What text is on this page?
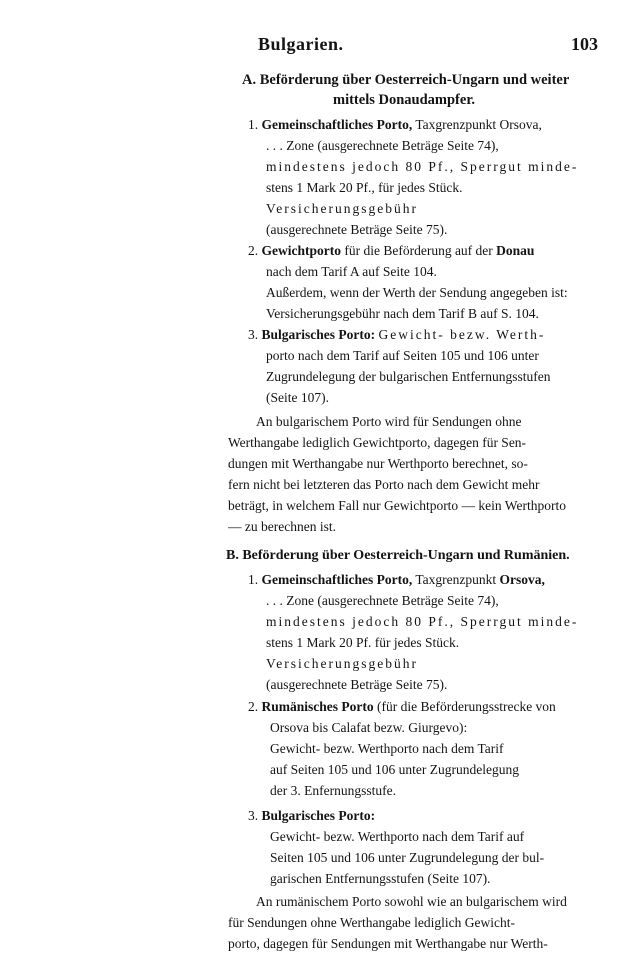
Bulgarien.	103
A. Beförderung über Oesterreich-Ungarn und weiter
mittels Donaudampfer.
1. Gemeinschaftliches Porto, Taxgrenzpunkt Orsova,
. . . Zone (ausgerechnete Beträge Seite 74),
mindestens jedoch 80 Pf., Sperrgut minde-
stens 1 Mark 20 Pf., für jedes Stück.
Versicherungsgebühr
(ausgerechnete Beträge Seite 75).
2. Gewichtporto für die Beförderung auf der Donau
nach dem Tarif A auf Seite 104.
Außerdem, wenn der Werth der Sendung angegeben ist:
Versicherungsgebühr nach dem Tarif B auf S. 104.
3. Bulgarisches Porto: Gewicht- bezw. Werth-
porto nach dem Tarif auf Seiten 105 und 106 unter
Zugrundelegung der bulgarischen Entfernungsstufen
(Seite 107).
An bulgarischem Porto wird für Sendungen ohne
Werthangabe lediglich Gewichtporto, dagegen für Sen-
dungen mit Werthangabe nur Werthporto berechnet, so-
fern nicht bei letzteren das Porto nach dem Gewicht mehr
beträgt, in welchem Fall nur Gewichtporto — kein Werthporto
— zu berechnen ist.
B. Beförderung über Oesterreich-Ungarn und Rumänien.
1. Gemeinschaftliches Porto, Taxgrenzpunkt Orsova,
. . . Zone (ausgerechnete Beträge Seite 74),
mindestens jedoch 80 Pf., Sperrgut minde-
stens 1 Mark 20 Pf. für jedes Stück.
Versicherungsgebühr
(ausgerechnete Beträge Seite 75).
2. Rumänisches Porto (für die Beförderungsstrecke von
Orsova bis Calafat bezw. Giurgevo):
Gewicht- bezw. Werthporto nach dem Tarif
auf Seiten 105 und 106 unter Zugrundelegung
der 3. Enfernungsstufe.
3. Bulgarisches Porto:
Gewicht- bezw. Werthporto nach dem Tarif auf
Seiten 105 und 106 unter Zugrundelegung der bul-
garischen Entfernungsstufen (Seite 107).
An rumänischem Porto sowohl wie an bulgarischem wird
für Sendungen ohne Werthangabe lediglich Gewicht-
porto, dagegen für Sendungen mit Werthangabe nur Werth-
